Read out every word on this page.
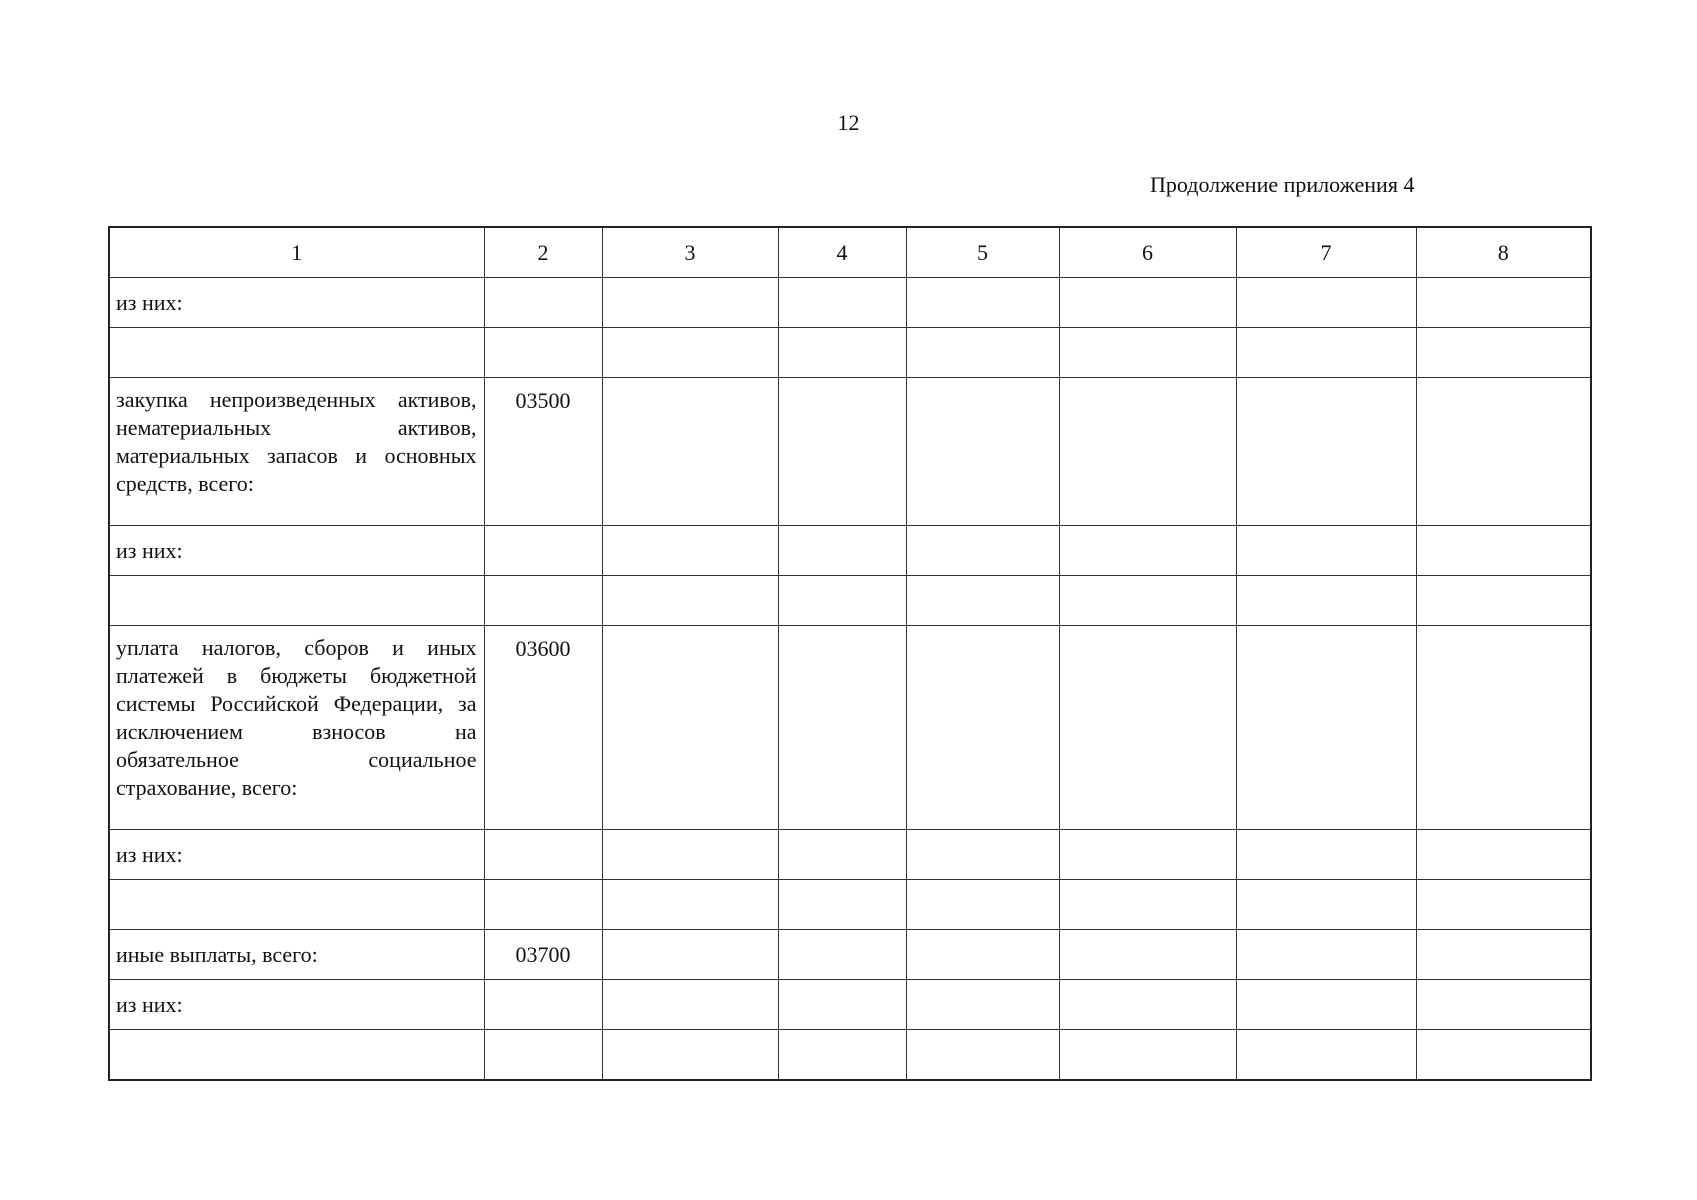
12
Продолжение приложения 4
1	2	3	4	5	6	7	8
из них:							

закупка непроизведенных активов, нематериальных активов, материальных запасов и основных средств, всего:	03500						
из них:							

уплата налогов, сборов и иных платежей в бюджеты бюджетной системы Российской Федерации, за исключением взносов на обязательное социальное страхование, всего:	03600						
из них:							

иные выплаты, всего:	03700						
из них:							
